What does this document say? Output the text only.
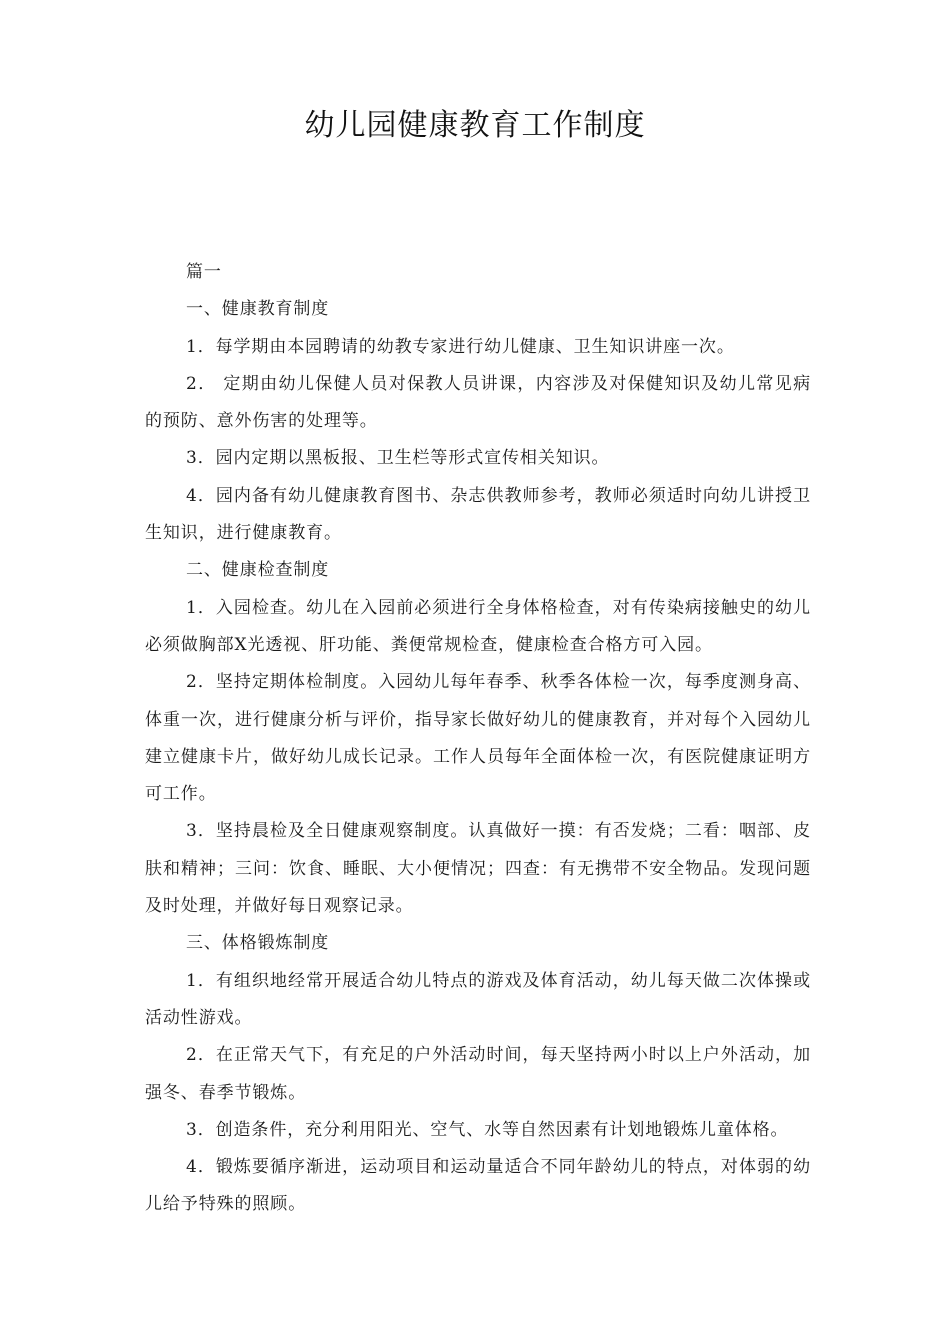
幼儿园健康教育工作制度

篇一

一、健康教育制度

1．每学期由本园聘请的幼教专家进行幼儿健康、卫生知识讲座一次。

2． 定期由幼儿保健人员对保教人员讲课，内容涉及对保健知识及幼儿常见病的预防、意外伤害的处理等。

3．园内定期以黑板报、卫生栏等形式宣传相关知识。

4．园内备有幼儿健康教育图书、杂志供教师参考，教师必须适时向幼儿讲授卫生知识，进行健康教育。

二、健康检查制度

1．入园检查。幼儿在入园前必须进行全身体格检查，对有传染病接触史的幼儿必须做胸部X光透视、肝功能、粪便常规检查，健康检查合格方可入园。

2．坚持定期体检制度。入园幼儿每年春季、秋季各体检一次，每季度测身高、体重一次，进行健康分析与评价，指导家长做好幼儿的健康教育，并对每个入园幼儿建立健康卡片，做好幼儿成长记录。工作人员每年全面体检一次，有医院健康证明方可工作。

3．坚持晨检及全日健康观察制度。认真做好一摸：有否发烧；二看：咽部、皮肤和精神；三问：饮食、睡眠、大小便情况；四查：有无携带不安全物品。发现问题及时处理，并做好每日观察记录。

三、体格锻炼制度

1．有组织地经常开展适合幼儿特点的游戏及体育活动，幼儿每天做二次体操或活动性游戏。

2．在正常天气下，有充足的户外活动时间，每天坚持两小时以上户外活动，加强冬、春季节锻炼。

3．创造条件，充分利用阳光、空气、水等自然因素有计划地锻炼儿童体格。

4．锻炼要循序渐进，运动项目和运动量适合不同年龄幼儿的特点，对体弱的幼儿给予特殊的照顾。
